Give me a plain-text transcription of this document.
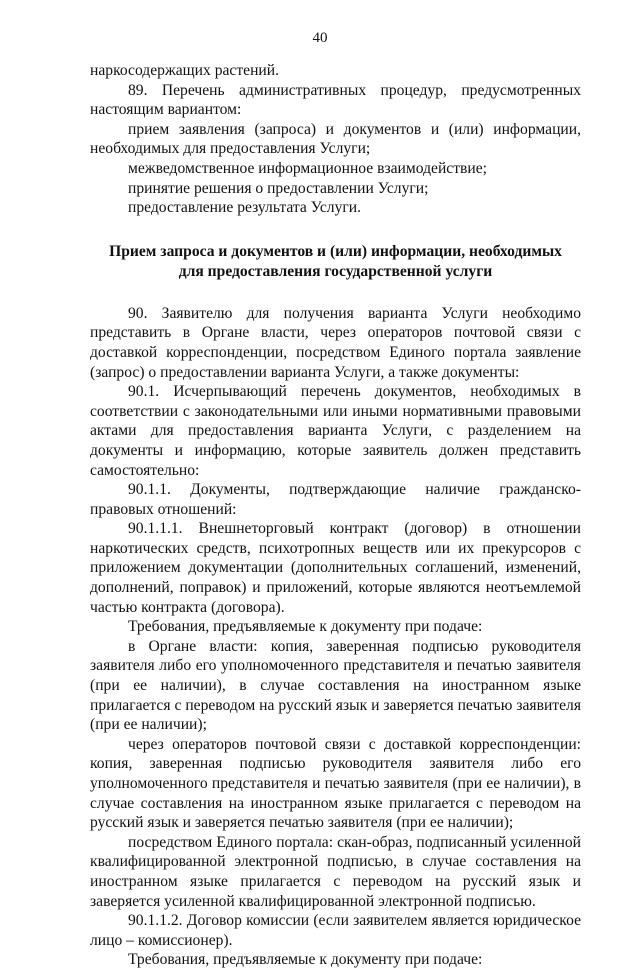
40

наркосодержащих растений.

89. Перечень административных процедур, предусмотренных настоящим вариантом:

прием заявления (запроса) и документов и (или) информации, необходимых для предоставления Услуги;

межведомственное информационное взаимодействие;

принятие решения о предоставлении Услуги;

предоставление результата Услуги.

Прием запроса и документов и (или) информации, необходимых
для предоставления государственной услуги

90. Заявителю для получения варианта Услуги необходимо представить в Органе власти, через операторов почтовой связи с доставкой корреспонденции, посредством Единого портала заявление (запрос) о предоставлении варианта Услуги, а также документы:

90.1. Исчерпывающий перечень документов, необходимых в соответствии с законодательными или иными нормативными правовыми актами для предоставления варианта Услуги, с разделением на документы и информацию, которые заявитель должен представить самостоятельно:

90.1.1. Документы, подтверждающие наличие гражданско-правовых отношений:

90.1.1.1. Внешнеторговый контракт (договор) в отношении наркотических средств, психотропных веществ или их прекурсоров с приложением документации (дополнительных соглашений, изменений, дополнений, поправок) и приложений, которые являются неотъемлемой частью контракта (договора).

Требования, предъявляемые к документу при подаче:

в Органе власти: копия, заверенная подписью руководителя заявителя либо его уполномоченного представителя и печатью заявителя (при ее наличии), в случае составления на иностранном языке прилагается с переводом на русский язык и заверяется печатью заявителя (при ее наличии);

через операторов почтовой связи с доставкой корреспонденции: копия, заверенная подписью руководителя заявителя либо его уполномоченного представителя и печатью заявителя (при ее наличии), в случае составления на иностранном языке прилагается с переводом на русский язык и заверяется печатью заявителя (при ее наличии);

посредством Единого портала: скан-образ, подписанный усиленной квалифицированной электронной подписью, в случае составления на иностранном языке прилагается с переводом на русский язык и заверяется усиленной квалифицированной электронной подписью.

90.1.1.2. Договор комиссии (если заявителем является юридическое лицо – комиссионер).

Требования, предъявляемые к документу при подаче:
